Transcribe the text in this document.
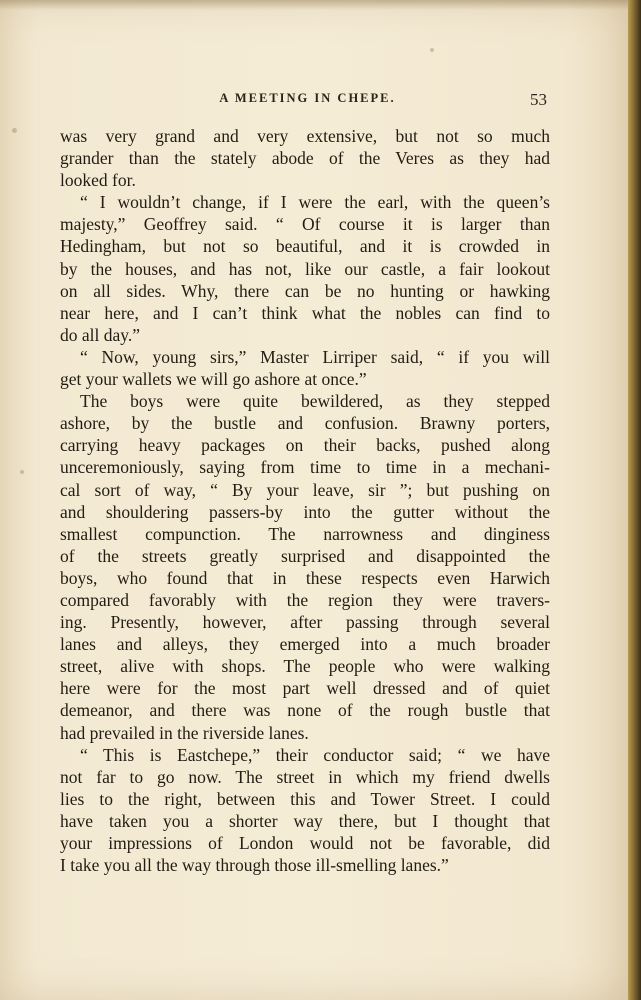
A MEETING IN CHEPE.	53

was very grand and very extensive, but not so much

grander than the stately abode of the Veres as they had

looked for.

“ I wouldn’t change, if I were the earl, with the queen’s

majesty,” Geoffrey said. “ Of course it is larger than

Hedingham, but not so beautiful, and it is crowded in

by the houses, and has not, like our castle, a fair lookout

on all sides. Why, there can be no hunting or hawking

near here, and I can’t think what the nobles can find to

do all day.”

“ Now, young sirs,” Master Lirriper said, “ if you will

get your wallets we will go ashore at once.”

The boys were quite bewildered, as they stepped

ashore, by the bustle and confusion. Brawny porters,

carrying heavy packages on their backs, pushed along

unceremoniously, saying from time to time in a mechani-

cal sort of way, “ By your leave, sir ”; but pushing on

and shouldering passers-by into the gutter without the

smallest compunction. The narrowness and dinginess

of the streets greatly surprised and disappointed the

boys, who found that in these respects even Harwich

compared favorably with the region they were travers-

ing. Presently, however, after passing through several

lanes and alleys, they emerged into a much broader

street, alive with shops. The people who were walking

here were for the most part well dressed and of quiet

demeanor, and there was none of the rough bustle that

had prevailed in the riverside lanes.

“ This is Eastchepe,” their conductor said; “ we have

not far to go now. The street in which my friend dwells

lies to the right, between this and Tower Street. I could

have taken you a shorter way there, but I thought that

your impressions of London would not be favorable, did

I take you all the way through those ill-smelling lanes.”
